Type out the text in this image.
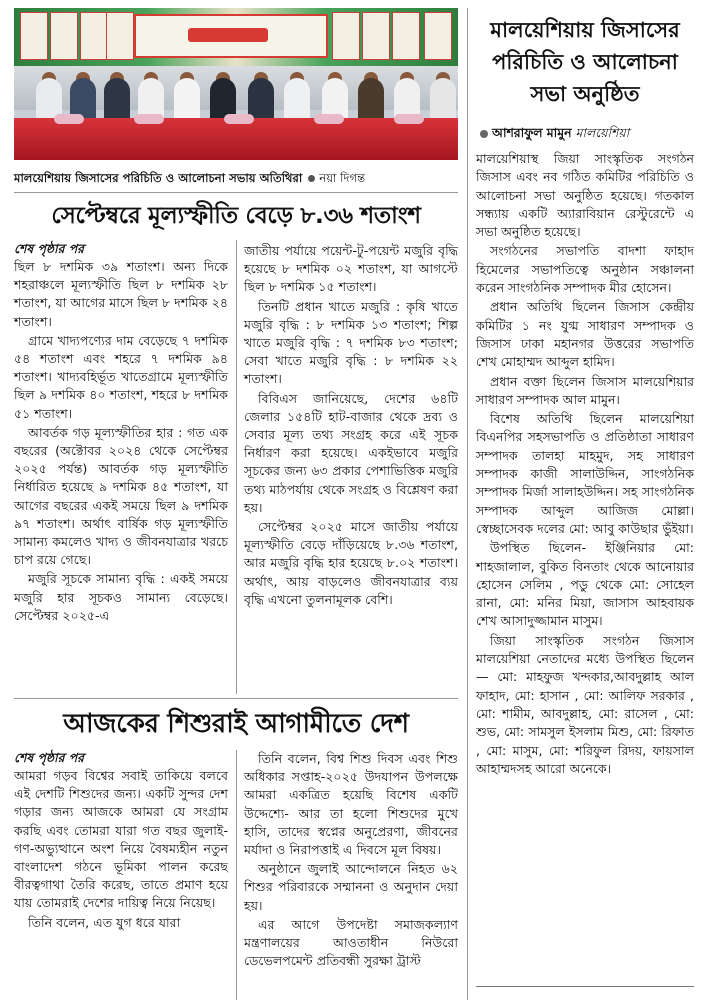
মালয়েশিয়ায় জিসাসের পরিচিতি ও আলোচনা সভায় অতিথিরা নয়া দিগন্ত
সেপ্টেম্বরে মূল্যস্ফীতি বেড়ে ৮.৩৬ শতাংশ
শেষ পৃষ্ঠার পর

ছিল ৮ দশমিক ৩৯ শতাংশ। অন্য দিকে শহরাঞ্চলে মূল্যস্ফীতি ছিল ৮ দশমিক ২৮ শতাংশ, যা আগের মাসে ছিল ৮ দশমিক ২৪ শতাংশ।

গ্রামে খাদ্যপণ্যের দাম বেড়েছে ৭ দশমিক ৫৪ শতাংশ এবং শহরে ৭ দশমিক ৯৪ শতাংশ। খাদ্যবহির্ভূত খাতেগ্রামে মূল্যস্ফীতি ছিল ৯ দশমিক ৪০ শতাংশ, শহরে ৮ দশমিক ৫১ শতাংশ।

আবর্তক গড় মূল্যস্ফীতির হার : গত এক বছরের (অক্টোবর ২০২৪ থেকে সেপ্টেম্বর ২০২৫ পর্যন্ত) আবর্তক গড় মূল্যস্ফীতি নির্ধারিত হয়েছে ৯ দশমিক ৪৫ শতাংশ, যা আগের বছরের একই সময়ে ছিল ৯ দশমিক ৯৭ শতাংশ। অর্থাৎ বার্ষিক গড় মূল্যস্ফীতি সামান্য কমলেও খাদ্য ও জীবনযাত্রার খরচে চাপ রয়ে গেছে।

মজুরি সূচকে সামান্য বৃদ্ধি : একই সময়ে মজুরি হার সূচকও সামান্য বেড়েছে। সেপ্টেম্বর ২০২৫-এ

জাতীয় পর্যায়ে পয়েন্ট-টু-পয়েন্ট মজুরি বৃদ্ধি হয়েছে ৮ দশমিক ০২ শতাংশ, যা আগস্টে ছিল ৮ দশমিক ১৫ শতাংশ।

তিনটি প্রধান খাতে মজুরি : কৃষি খাতে মজুরি বৃদ্ধি : ৮ দশমিক ১৩ শতাংশ; শিল্প খাতে মজুরি বৃদ্ধি : ৭ দশমিক ৮৩ শতাংশ; সেবা খাতে মজুরি বৃদ্ধি : ৮ দশমিক ২২ শতাংশ।

বিবিএস জানিয়েছে, দেশের ৬৪টি জেলার ১৫৪টি হাট-বাজার থেকে দ্রব্য ও সেবার মূল্য তথ্য সংগ্রহ করে এই সূচক নির্ধারণ করা হয়েছে। একইভাবে মজুরি সূচকের জন্য ৬৩ প্রকার পেশাভিত্তিক মজুরি তথ্য মাঠপর্যায় থেকে সংগ্রহ ও বিশ্লেষণ করা হয়।

সেপ্টেম্বর ২০২৫ মাসে জাতীয় পর্যায়ে মূল্যস্ফীতি বেড়ে দাঁড়িয়েছে ৮.৩৬ শতাংশ, আর মজুরি বৃদ্ধি হার হয়েছে ৮.০২ শতাংশ। অর্থাৎ, আয় বাড়লেও জীবনযাত্রার ব্যয় বৃদ্ধি এখনো তুলনামূলক বেশি।

আজকের শিশুরাই আগামীতে দেশ
শেষ পৃষ্ঠার পর

আমরা গড়ব বিশ্বের সবাই তাকিয়ে বলবে এই দেশটি শিশুদের জন্য। একটি সুন্দর দেশ গড়ার জন্য আজকে আমরা যে সংগ্রাম করছি এবং তোমরা যারা গত বছর জুলাই-গণ-অভ্যুত্থানে অংশ নিয়ে বৈষম্যহীন নতুন বাংলাদেশ গঠনে ভূমিকা পালন করেছ বীরত্বগাথা তৈরি করেছ, তাতে প্রমাণ হয়ে যায় তোমরাই দেশের দায়িত্ব নিয়ে নিয়েছ।

তিনি বলেন, এত যুগ ধরে যারা

তিনি বলেন, বিশ্ব শিশু দিবস এবং শিশু অধিকার সপ্তাহ-২০২৫ উদযাপন উপলক্ষে আমরা একত্রিত হয়েছি বিশেষ একটি উদ্দেশ্যে- আর তা হলো শিশুদের মুখে হাসি, তাদের স্বপ্নের অনুপ্রেরণা, জীবনের মর্যাদা ও নিরাপত্তাই এ দিবসে মূল বিষয়।

অনুষ্ঠানে জুলাই আন্দোলনে নিহত ৬২ শিশুর পরিবারকে সম্মাননা ও অনুদান দেয়া হয়।

এর আগে উপদেষ্টা সমাজকল্যাণ মন্ত্রণালয়ের আওতাধীন নিউরো ডেভেলপমেন্ট প্রতিবন্ধী সুরক্ষা ট্রাস্ট

মালয়েশিয়ায় জিসাসের
পরিচিতি ও আলোচনা
সভা অনুষ্ঠিত
আশরাফুল মামুন মালয়েশিয়া

মালয়েশিয়াস্থ জিয়া সাংস্কৃতিক সংগঠন জিসাস এবং নব গঠিত কমিটির পরিচিতি ও আলোচনা সভা অনুষ্ঠিত হয়েছে। গতকাল সন্ধ্যায় একটি অ্যারাবিয়ান রেস্টুরেন্টে এ সভা অনুষ্ঠিত হয়েছে।

সংগঠনের সভাপতি বাদশা ফাহাদ হিমেলের সভাপতিত্বে অনুষ্ঠান সঞ্চালনা করেন সাংগঠনিক সম্পাদক মীর হোসেন।

প্রধান অতিথি ছিলেন জিসাস কেন্দ্রীয় কমিটির ১ নং যুগ্ম সাধারণ সম্পাদক ও জিসাস ঢাকা মহানগর উত্তরের সভাপতি শেখ মোহাম্মদ আব্দুল হামিদ।

প্রধান বক্তা ছিলেন জিসাস মালয়েশিয়ার সাধারণ সম্পাদক আল মামুন।

বিশেষ অতিথি ছিলেন মালয়েশিয়া বিএনপির সহসভাপতি ও প্রতিষ্ঠাতা সাধারণ সম্পাদক তালহা মাহমুদ, সহ সাধারণ সম্পাদক কাজী সালাউদ্দিন, সাংগঠনিক সম্পাদক মির্জা সালাহউদ্দিন। সহ সাংগঠনিক সম্পাদক আব্দুল আজিজ মোল্লা। স্বেচ্ছাসেবক দলের মো: আবু কাউছার ভুঁইয়া।

উপস্থিত ছিলেন- ইঞ্জিনিয়ার মো: শাহজালাল, বুকিত বিনতাং থেকে আনোয়ার হোসেন সেলিম , পডু থেকে মো: সোহেল রানা, মো: মনির মিয়া, জাসাস আহবায়ক শেখ আসাদুজ্জামান মাসুম।

জিয়া সাংস্কৃতিক সংগঠন জিসাস মালয়েশিয়া নেতাদের মধ্যে উপস্থিত ছিলেন— মো: মাহফুজ খন্দকার,আবদুল্লাহ আল ফাহাদ, মো: হাসান , মো: আলিফ সরকার , মো: শামীম, আবদুল্লাহ, মো: রাসেল , মো: শুভ, মো: সামসুল ইসলাম মিশু, মো: রিফাত , মো: মাসুম, মো: শরিফুল রিদয়, ফায়সাল আহাম্মদসহ আরো অনেকে।
